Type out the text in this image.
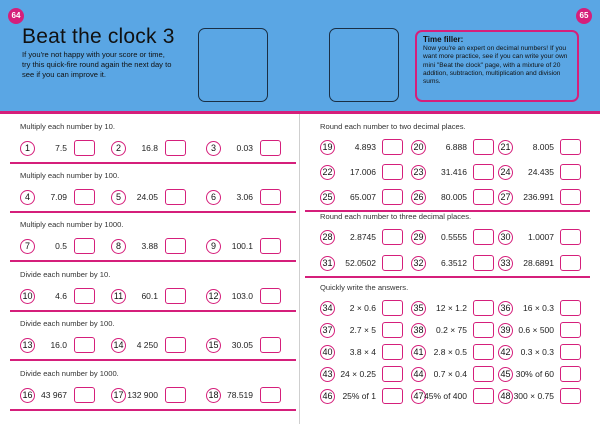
64	65
Beat the clock 3

If you're not happy with your score or time, try this quick-fire round again the next day to see if you can improve it.

Time filler:
Now you're an expert on decimal numbers! If you want more practice, see if you can write your own mini "Beat the clock" page, with a mixture of 20 addition, subtraction, multiplication and division sums.
Multiply each number by 10.
1	7.5	2	16.8	3	0.03
Multiply each number by 100.
4	7.09	5	24.05	6	3.06
Multiply each number by 1000.
7	0.5	8	3.88	9	100.1
Divide each number by 10.
10	4.6	11	60.1	12 103.0
Divide each number by 100.
13 16.0	14 4 250	15 30.05
Divide each number by 1000.
16 43 967	17 132 900	18 78.519
Round each number to two decimal places.
19	4.893	20	6.888	21	8.005
22 17.006	23 31.416	24 24.435
25 65.007	26 80.005	27 236.991
Round each number to three decimal places.
28 2.8745	29 0.5555	30 1.0007
31 52.0502	32 6.3512	33 28.6891
Quickly write the answers.
34 2 × 0.6	35 12 × 1.2	36 16 × 0.3
37 2.7 × 5	38 0.2 × 75	39 0.6 × 500
40 3.8 × 4	41 2.8 × 0.5	42 0.3 × 0.3
43 24 × 0.25	44 0.7 × 0.4	45 30% of 60
46 25% of 1	47 45% of 400	48 300 × 0.75
